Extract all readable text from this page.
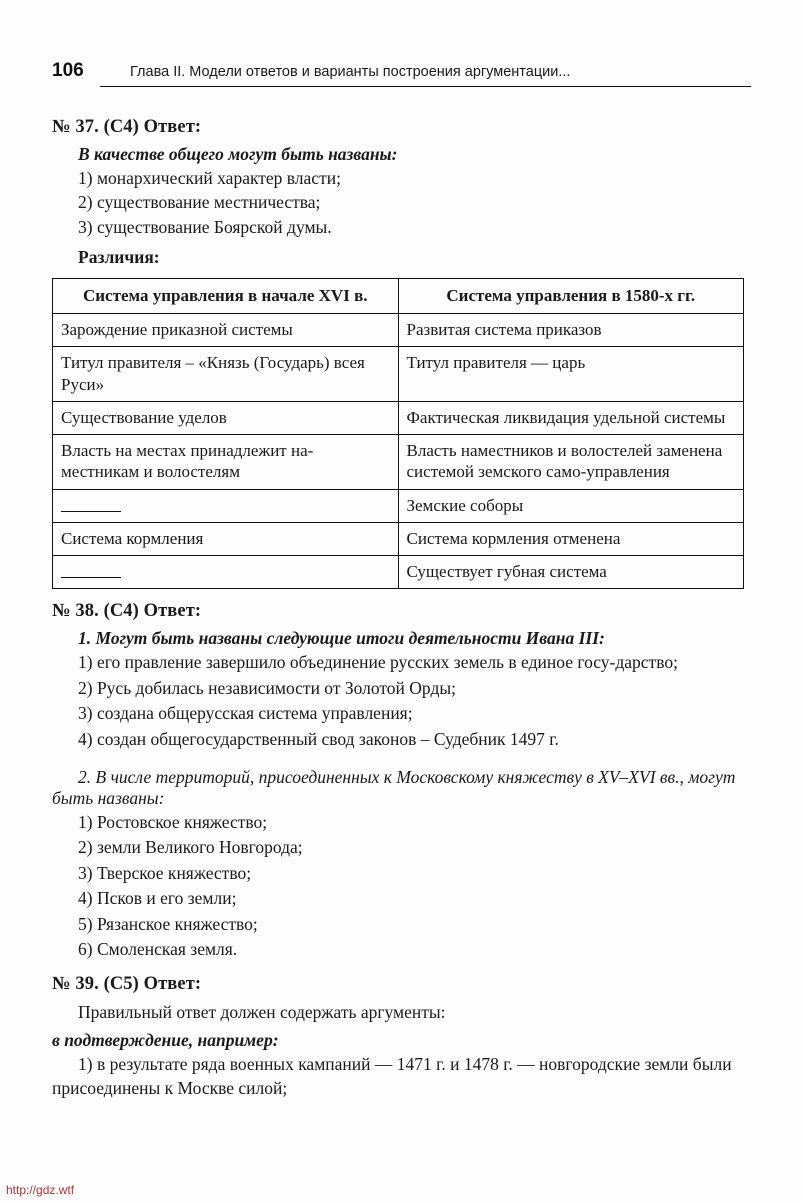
106	Глава II. Модели ответов и варианты построения аргументации...
№ 37. (С4) Ответ:
В качестве общего могут быть названы:
1) монархический характер власти;
2) существование местничества;
3) существование Боярской думы.
Различия:
Система управления в начале XVI в.	Система управления в 1580-х гг.
Зарождение приказной системы	Развитая система приказов
Титул правителя – «Князь (Государь) всея Руси»	Титул правителя — царь
Существование уделов	Фактическая ликвидация удельной системы
Власть на местах принадлежит на-местникам и волостелям	Власть наместников и волостелей заменена системой земского само-управления
	Земские соборы
Система кормления	Система кормления отменена
	Существует губная система
№ 38. (С4) Ответ:
1. Могут быть названы следующие итоги деятельности Ивана III:
1) его правление завершило объединение русских земель в единое госу-дарство;
2) Русь добилась независимости от Золотой Орды;
3) создана общерусская система управления;
4) создан общегосударственный свод законов – Судебник 1497 г.
2. В числе территорий, присоединенных к Московскому княжеству в XV–XVI вв., могут быть названы:
1) Ростовское княжество;
2) земли Великого Новгорода;
3) Тверское княжество;
4) Псков и его земли;
5) Рязанское княжество;
6) Смоленская земля.
№ 39. (С5) Ответ:
Правильный ответ должен содержать аргументы:
в подтверждение, например:
1) в результате ряда военных кампаний — 1471 г. и 1478 г. — новгородские земли были присоединены к Москве силой;
http://gdz.wtf
